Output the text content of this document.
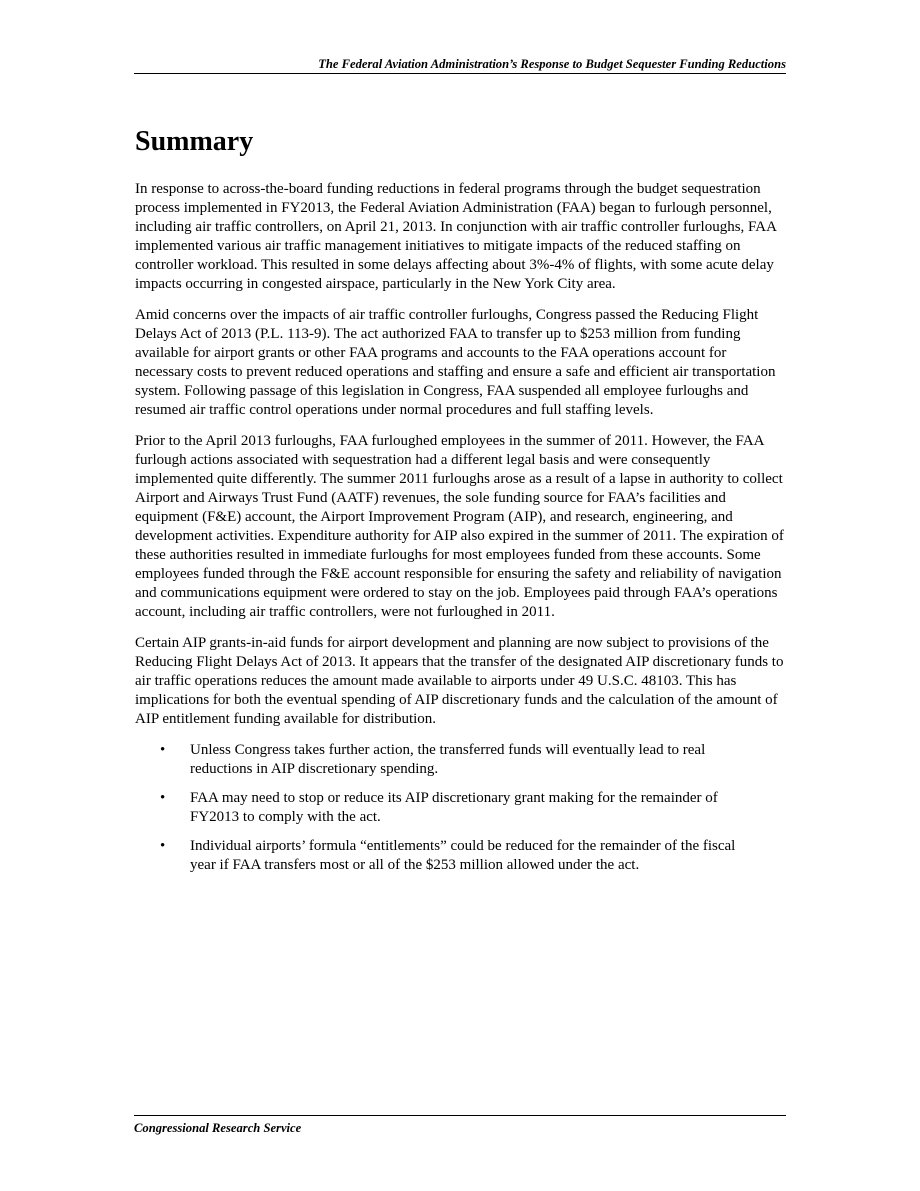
The Federal Aviation Administration’s Response to Budget Sequester Funding Reductions
Summary

In response to across-the-board funding reductions in federal programs through the budget sequestration process implemented in FY2013, the Federal Aviation Administration (FAA) began to furlough personnel, including air traffic controllers, on April 21, 2013. In conjunction with air traffic controller furloughs, FAA implemented various air traffic management initiatives to mitigate impacts of the reduced staffing on controller workload. This resulted in some delays affecting about 3%-4% of flights, with some acute delay impacts occurring in congested airspace, particularly in the New York City area.

Amid concerns over the impacts of air traffic controller furloughs, Congress passed the Reducing Flight Delays Act of 2013 (P.L. 113-9). The act authorized FAA to transfer up to $253 million from funding available for airport grants or other FAA programs and accounts to the FAA operations account for necessary costs to prevent reduced operations and staffing and ensure a safe and efficient air transportation system. Following passage of this legislation in Congress, FAA suspended all employee furloughs and resumed air traffic control operations under normal procedures and full staffing levels.

Prior to the April 2013 furloughs, FAA furloughed employees in the summer of 2011. However, the FAA furlough actions associated with sequestration had a different legal basis and were consequently implemented quite differently. The summer 2011 furloughs arose as a result of a lapse in authority to collect Airport and Airways Trust Fund (AATF) revenues, the sole funding source for FAA’s facilities and equipment (F&E) account, the Airport Improvement Program (AIP), and research, engineering, and development activities. Expenditure authority for AIP also expired in the summer of 2011. The expiration of these authorities resulted in immediate furloughs for most employees funded from these accounts. Some employees funded through the F&E account responsible for ensuring the safety and reliability of navigation and communications equipment were ordered to stay on the job. Employees paid through FAA’s operations account, including air traffic controllers, were not furloughed in 2011.

Certain AIP grants-in-aid funds for airport development and planning are now subject to provisions of the Reducing Flight Delays Act of 2013. It appears that the transfer of the designated AIP discretionary funds to air traffic operations reduces the amount made available to airports under 49 U.S.C. 48103. This has implications for both the eventual spending of AIP discretionary funds and the calculation of the amount of AIP entitlement funding available for distribution.

• Unless Congress takes further action, the transferred funds will eventually lead to real reductions in AIP discretionary spending.
• FAA may need to stop or reduce its AIP discretionary grant making for the remainder of FY2013 to comply with the act.
• Individual airports’ formula “entitlements” could be reduced for the remainder of the fiscal year if FAA transfers most or all of the $253 million allowed under the act.
Congressional Research Service
